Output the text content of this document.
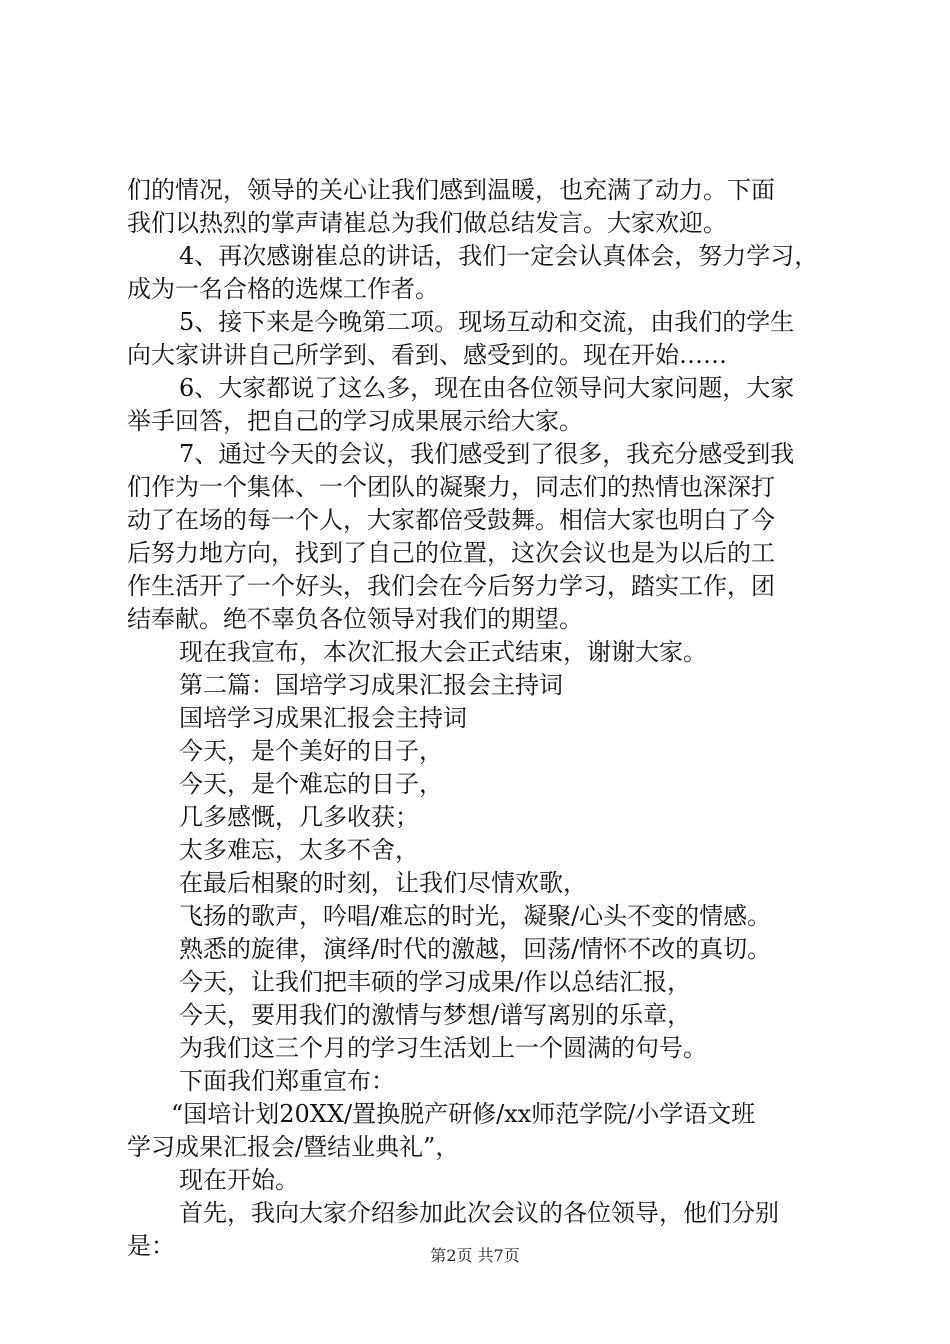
们的情况，领导的关心让我们感到温暖，也充满了动力。下面
我们以热烈的掌声请崔总为我们做总结发言。大家欢迎。
4、再次感谢崔总的讲话，我们一定会认真体会，努力学习，
成为一名合格的选煤工作者。
5、接下来是今晚第二项。现场互动和交流，由我们的学生
向大家讲讲自己所学到、看到、感受到的。现在开始……
6、大家都说了这么多，现在由各位领导问大家问题，大家
举手回答，把自己的学习成果展示给大家。
7、通过今天的会议，我们感受到了很多，我充分感受到我
们作为一个集体、一个团队的凝聚力，同志们的热情也深深打
动了在场的每一个人，大家都倍受鼓舞。相信大家也明白了今
后努力地方向，找到了自己的位置，这次会议也是为以后的工
作生活开了一个好头，我们会在今后努力学习，踏实工作，团
结奉献。绝不辜负各位领导对我们的期望。
现在我宣布，本次汇报大会正式结束，谢谢大家。
第二篇：国培学习成果汇报会主持词
国培学习成果汇报会主持词
今天，是个美好的日子，
今天，是个难忘的日子，
几多感慨，几多收获；
太多难忘，太多不舍，
在最后相聚的时刻，让我们尽情欢歌，
飞扬的歌声，吟唱/难忘的时光，凝聚/心头不变的情感。
熟悉的旋律，演绎/时代的激越，回荡/情怀不改的真切。
今天，让我们把丰硕的学习成果/作以总结汇报，
今天，要用我们的激情与梦想/谱写离别的乐章，
为我们这三个月的学习生活划上一个圆满的句号。
下面我们郑重宣布：
“国培计划20XX/置换脱产研修/xx师范学院/小学语文班
学习成果汇报会/暨结业典礼”，
现在开始。
首先，我向大家介绍参加此次会议的各位领导，他们分别
是：	第2页 共7页
